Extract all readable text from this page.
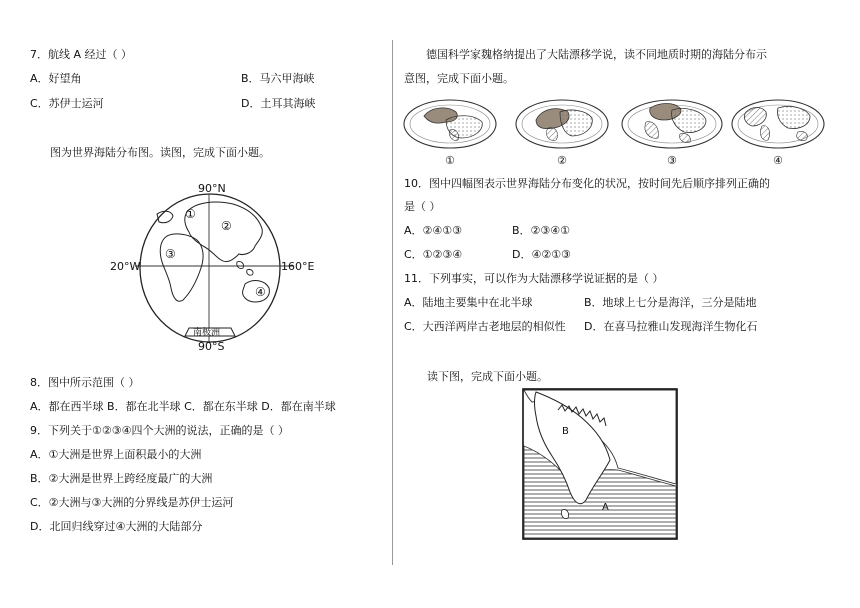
7．航线 A 经过（ ）
A．好望角	B．马六甲海峡
C．苏伊士运河	D．土耳其海峡
图为世界海陆分布图。读图，完成下面小题。
90°N
90°S
20°W	160°E
南极洲
①
②
③
④
8．图中所示范围（ ）
A．都在西半球 B．都在北半球 C．都在东半球 D．都在南半球
9．下列关于①②③④四个大洲的说法，正确的是（ ）
A．①大洲是世界上面积最小的大洲
B．②大洲是世界上跨经度最广的大洲
C．②大洲与③大洲的分界线是苏伊士运河
D．北回归线穿过④大洲的大陆部分
德国科学家魏格纳提出了大陆漂移学说，读不同地质时期的海陆分布示
意图，完成下面小题。
①	②	③	④
10．图中四幅图表示世界海陆分布变化的状况，按时间先后顺序排列正确的
是（ ）
A．②④①③	B．②③④①
C．①②③④	D．④②①③
11．下列事实，可以作为大陆漂移学说证据的是（ ）
A．陆地主要集中在北半球	B．地球上七分是海洋，三分是陆地
C．大西洋两岸古老地层的相似性 D．在喜马拉雅山发现海洋生物化石
读下图，完成下面小题。
B
A
